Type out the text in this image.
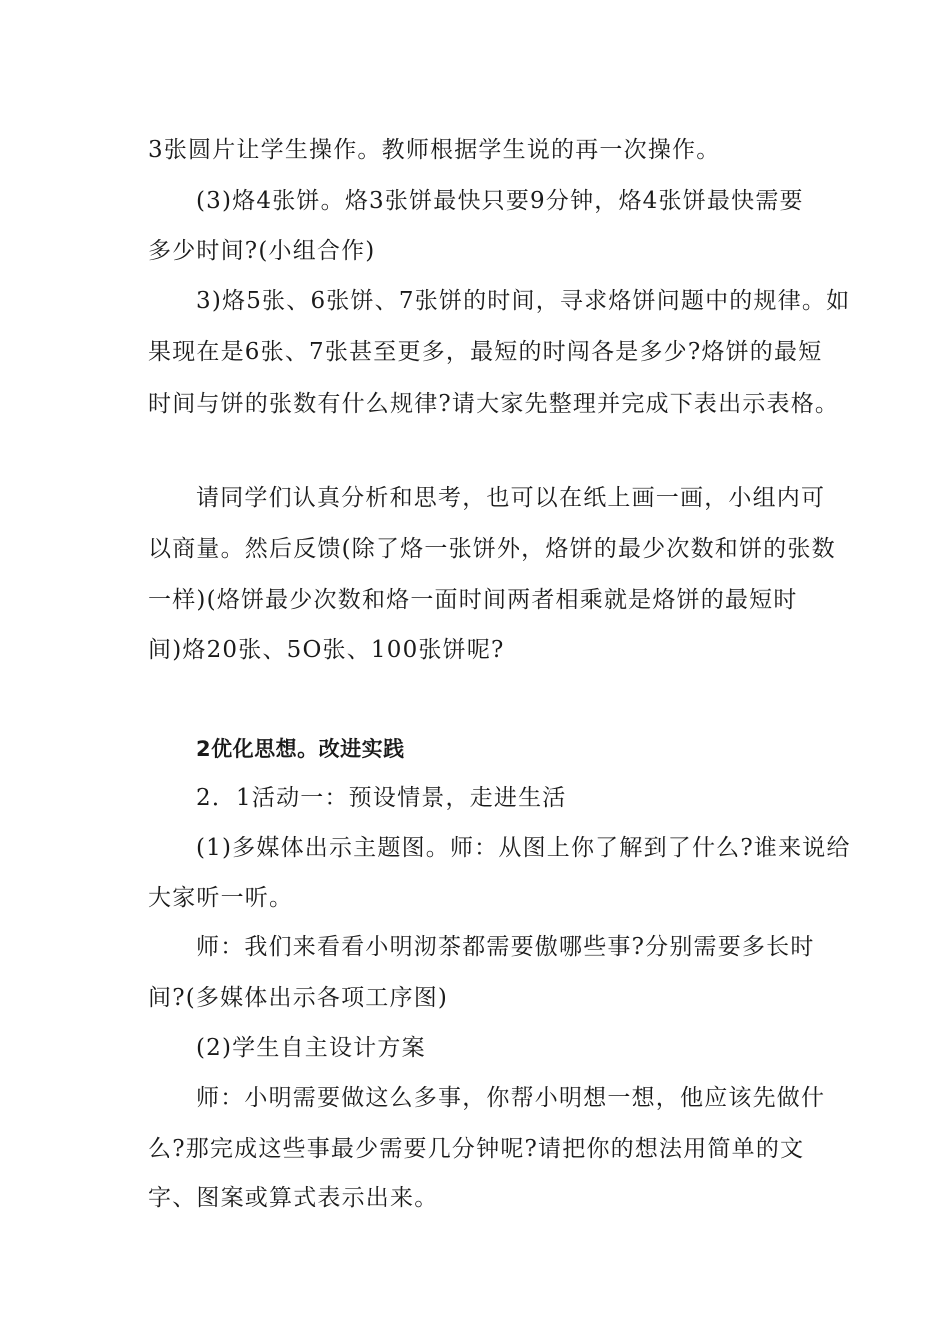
3张圆片让学生操作。教师根据学生说的再一次操作。
(3)烙4张饼。烙3张饼最快只要9分钟，烙4张饼最快需要
多少时间?(小组合作)
3)烙5张、6张饼、7张饼的时间，寻求烙饼问题中的规律。如
果现在是6张、7张甚至更多，最短的时闯各是多少?烙饼的最短
时间与饼的张数有什么规律?请大家先整理并完成下表出示表格。
请同学们认真分析和思考，也可以在纸上画一画，小组内可
以商量。然后反馈(除了烙一张饼外，烙饼的最少次数和饼的张数
一样)(烙饼最少次数和烙一面时间两者相乘就是烙饼的最短时
间)烙20张、5O张、100张饼呢?
2优化思想。改进实践
2．1活动一：预设情景，走进生活
(1)多媒体出示主题图。师：从图上你了解到了什么?谁来说给
大家听一听。
师：我们来看看小明沏茶都需要傲哪些事?分别需要多长时
间?(多媒体出示各项工序图)
(2)学生自主设计方案
师：小明需要做这么多事，你帮小明想一想，他应该先做什
么?那完成这些事最少需要几分钟呢?请把你的想法用简单的文
字、图案或算式表示出来。
